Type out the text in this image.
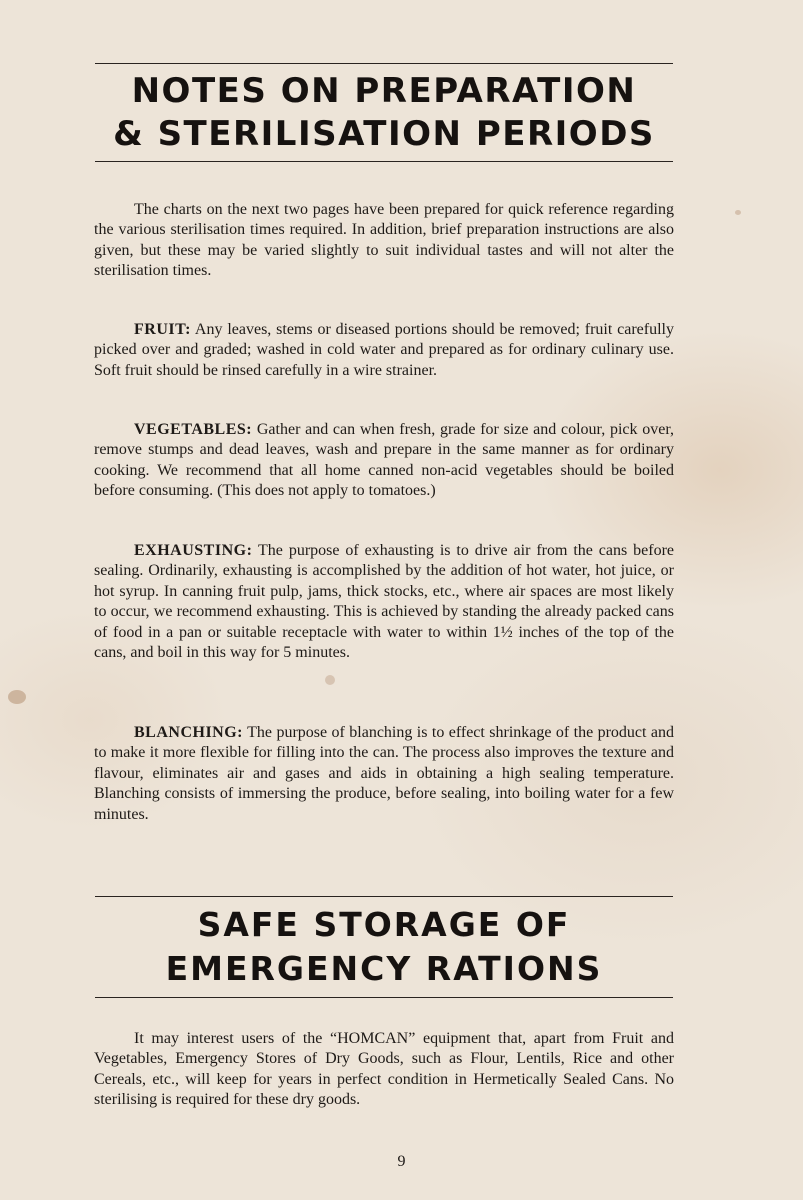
NOTES ON PREPARATION
& STERILISATION PERIODS

The charts on the next two pages have been prepared for quick reference regarding the various sterilisation times required. In addition, brief preparation instructions are also given, but these may be varied slightly to suit individual tastes and will not alter the sterilisation times.

FRUIT: Any leaves, stems or diseased portions should be removed; fruit carefully picked over and graded; washed in cold water and prepared as for ordinary culinary use. Soft fruit should be rinsed carefully in a wire strainer.

VEGETABLES: Gather and can when fresh, grade for size and colour, pick over, remove stumps and dead leaves, wash and prepare in the same manner as for ordinary cooking. We recommend that all home canned non-acid vegetables should be boiled before consuming. (This does not apply to tomatoes.)

EXHAUSTING: The purpose of exhausting is to drive air from the cans before sealing. Ordinarily, exhausting is accomplished by the addition of hot water, hot juice, or hot syrup. In canning fruit pulp, jams, thick stocks, etc., where air spaces are most likely to occur, we recommend exhausting. This is achieved by standing the already packed cans of food in a pan or suitable receptacle with water to within 1½ inches of the top of the cans, and boil in this way for 5 minutes.

BLANCHING: The purpose of blanching is to effect shrinkage of the product and to make it more flexible for filling into the can. The process also improves the texture and flavour, eliminates air and gases and aids in obtaining a high sealing temperature. Blanching consists of immersing the produce, before sealing, into boiling water for a few minutes.

SAFE STORAGE OF
EMERGENCY RATIONS

It may interest users of the “HOMCAN” equipment that, apart from Fruit and Vegetables, Emergency Stores of Dry Goods, such as Flour, Lentils, Rice and other Cereals, etc., will keep for years in perfect condition in Hermetically Sealed Cans. No sterilising is required for these dry goods.

9
